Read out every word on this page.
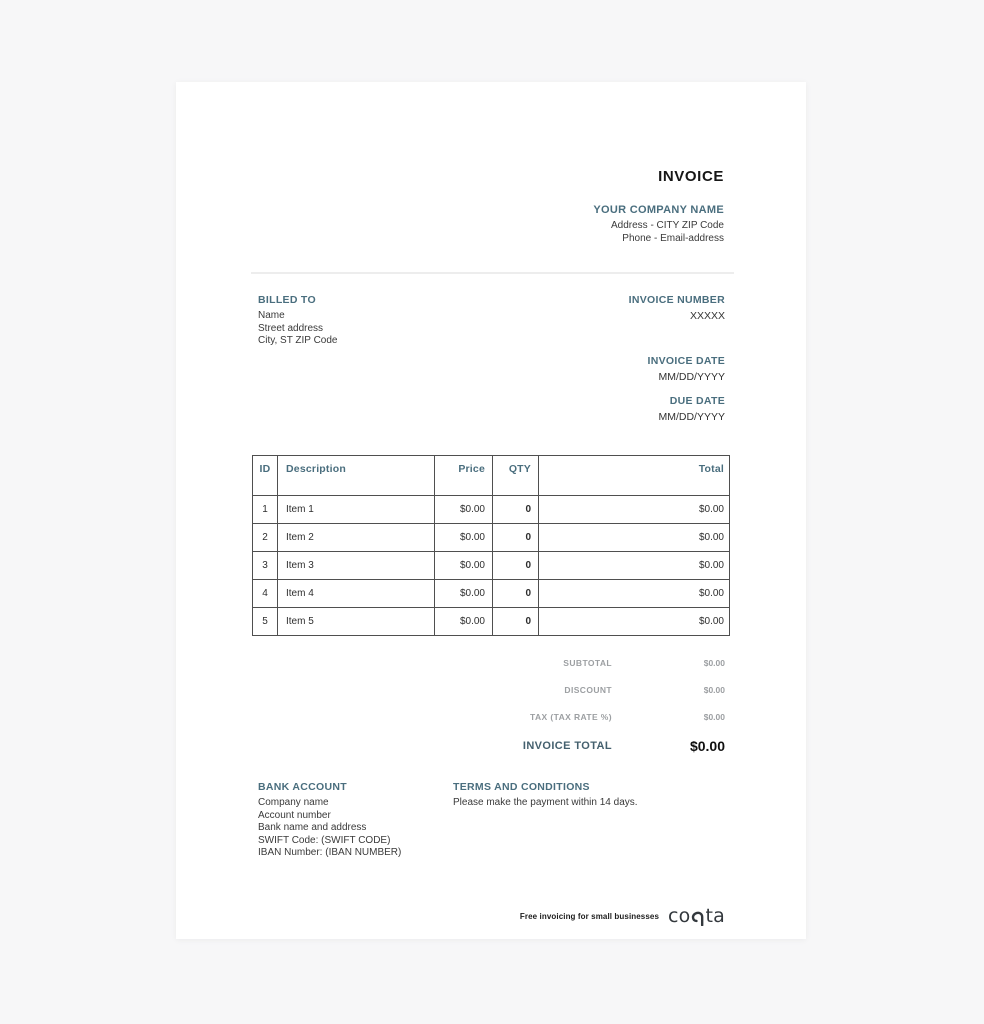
INVOICE
YOUR COMPANY NAME
Address - CITY ZIP Code
Phone - Email-address
BILLED TO
Name
Street address
City, ST ZIP Code
INVOICE NUMBER
XXXXX
INVOICE DATE
MM/DD/YYYY
DUE DATE
MM/DD/YYYY
ID	Description	Price	QTY	Total
1	Item 1	$0.00	0	$0.00
2	Item 2	$0.00	0	$0.00
3	Item 3	$0.00	0	$0.00
4	Item 4	$0.00	0	$0.00
5	Item 5	$0.00	0	$0.00
SUBTOTAL	$0.00
DISCOUNT	$0.00
TAX (TAX RATE %)	$0.00
INVOICE TOTAL	$0.00
BANK ACCOUNT
Company name
Account number
Bank name and address
SWIFT Code: (SWIFT CODE)
IBAN Number: (IBAN NUMBER)
TERMS AND CONDITIONS
Please make the payment within 14 days.
Free invoicing for small businesses co ta
